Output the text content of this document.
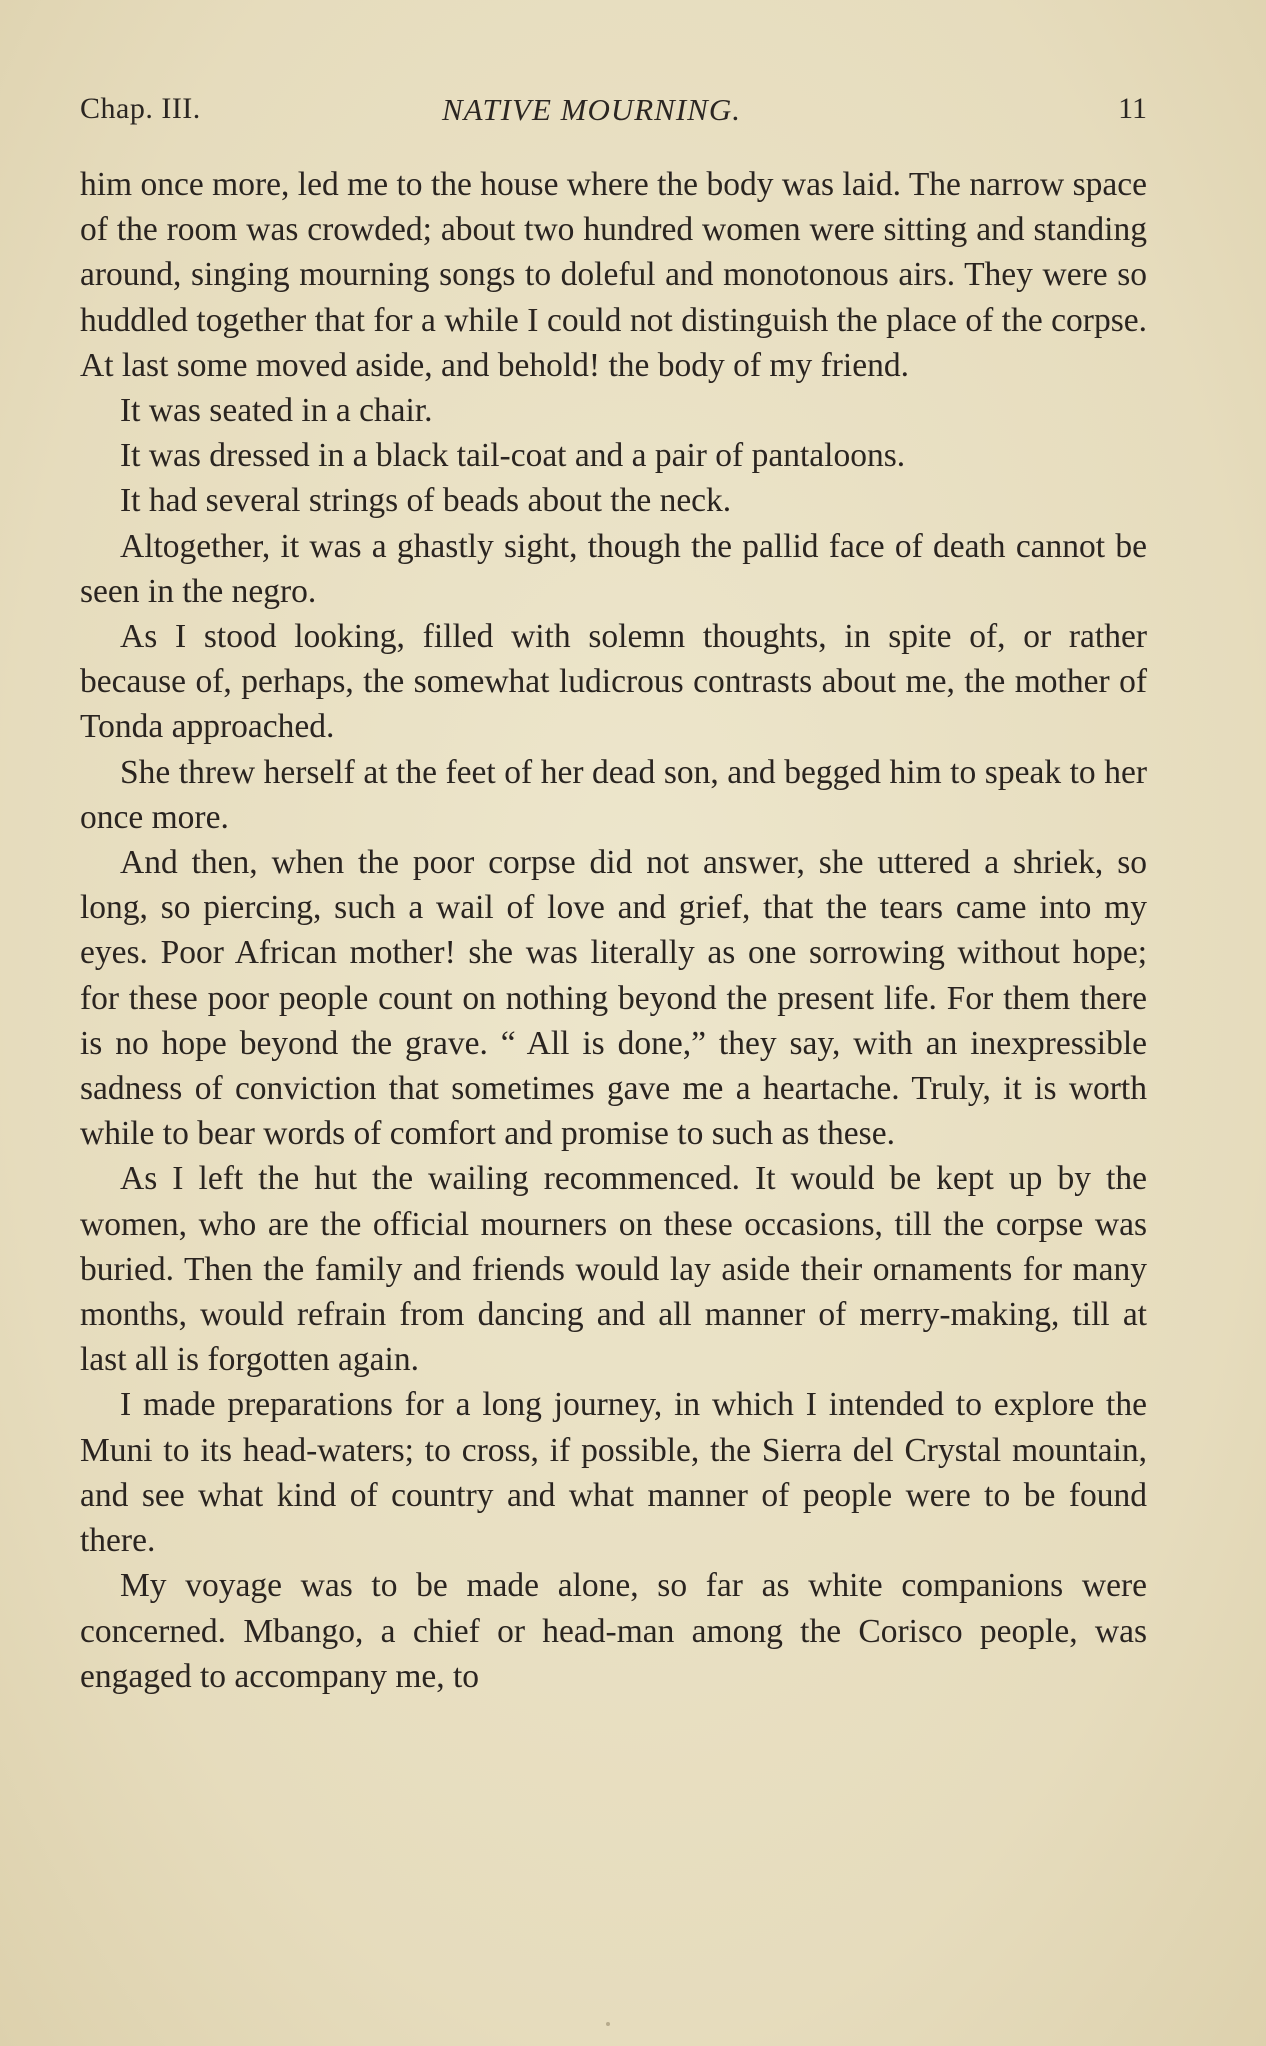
Chap. III.	NATIVE MOURNING.	11

him once more, led me to the house where the body was laid. The narrow space of the room was crowded; about two hundred women were sitting and standing around, singing mourning songs to doleful and monotonous airs. They were so huddled together that for a while I could not distinguish the place of the corpse. At last some moved aside, and behold! the body of my friend.

It was seated in a chair.

It was dressed in a black tail-coat and a pair of pantaloons.

It had several strings of beads about the neck.

Altogether, it was a ghastly sight, though the pallid face of death cannot be seen in the negro.

As I stood looking, filled with solemn thoughts, in spite of, or rather because of, perhaps, the somewhat ludicrous contrasts about me, the mother of Tonda approached.

She threw herself at the feet of her dead son, and begged him to speak to her once more.

And then, when the poor corpse did not answer, she uttered a shriek, so long, so piercing, such a wail of love and grief, that the tears came into my eyes. Poor African mother! she was literally as one sorrowing without hope; for these poor people count on nothing beyond the present life. For them there is no hope beyond the grave. “ All is done,” they say, with an inexpressible sadness of conviction that sometimes gave me a heartache. Truly, it is worth while to bear words of comfort and promise to such as these.

As I left the hut the wailing recommenced. It would be kept up by the women, who are the official mourners on these occasions, till the corpse was buried. Then the family and friends would lay aside their ornaments for many months, would refrain from dancing and all manner of merry-making, till at last all is forgotten again.

I made preparations for a long journey, in which I intended to explore the Muni to its head-waters; to cross, if possible, the Sierra del Crystal mountain, and see what kind of country and what manner of people were to be found there.

My voyage was to be made alone, so far as white companions were concerned. Mbango, a chief or head-man among the Corisco people, was engaged to accompany me, to
